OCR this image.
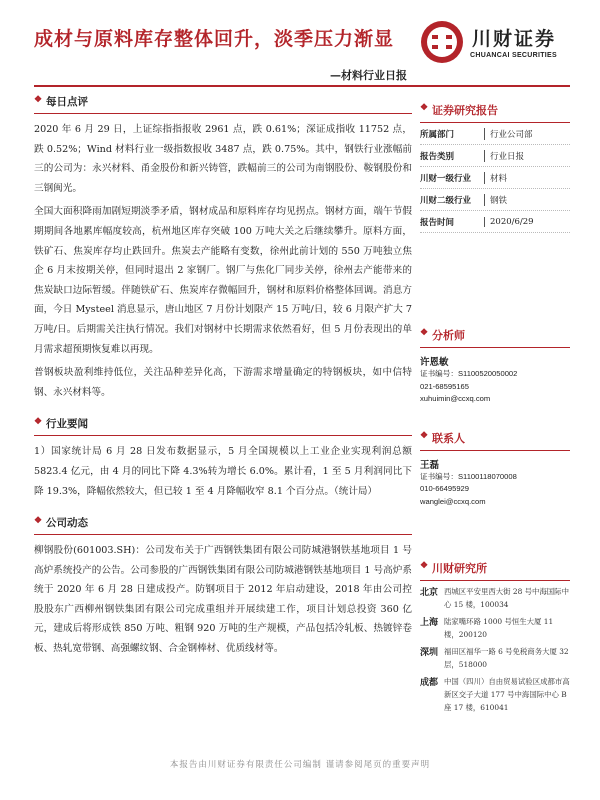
成材与原料库存整体回升，淡季压力渐显
—材料行业日报
川财证券
CHUANCAI SECURITIES
❖ 每日点评

2020 年 6 月 29 日，上证综指指报收 2961 点，跌 0.61%；深证成指收 11752 点，跌 0.52%；Wind 材料行业一级指数报收 3487 点，跌 0.75%。其中，钢铁行业涨幅前三的公司为：永兴材料、甬金股份和新兴铸管，跌幅前三的公司为南钢股份、鞍钢股份和三钢闽光。

全国大面积降雨加剧短期淡季矛盾，钢材成品和原料库存均见拐点。钢材方面，端午节假期期间各地累库幅度较高，杭州地区库存突破 100 万吨大关之后继续攀升。原料方面，铁矿石、焦炭库存均止跌回升。焦炭去产能略有变数，徐州此前计划的 550 万吨独立焦企 6 月末按期关停，但同时退出 2 家钢厂。钢厂与焦化厂同步关停，徐州去产能带来的焦炭缺口边际暂缓。伴随铁矿石、焦炭库存微幅回升，钢材和原料价格整体回调。消息方面，今日 Mysteel 消息显示，唐山地区 7 月份计划限产 15 万吨/日，较 6 月限产扩大 7 万吨/日。后期需关注执行情况。我们对钢材中长期需求依然看好，但 5 月份表现出的单月需求超预期恢复难以再现。

普钢板块盈利维持低位，关注品种差异化高，下游需求增量确定的特钢板块，如中信特钢、永兴材料等。

❖ 行业要闻

1）国家统计局 6 月 28 日发布数据显示，5 月全国规模以上工业企业实现利润总额 5823.4 亿元，由 4 月的同比下降 4.3%转为增长 6.0%。累计看，1 至 5 月利润同比下降 19.3%，降幅依然较大，但已较 1 至 4 月降幅收窄 8.1 个百分点。（统计局）

❖ 公司动态

柳钢股份(601003.SH)：公司发布关于广西钢铁集团有限公司防城港钢铁基地项目 1 号高炉系统投产的公告。公司参股的广西钢铁集团有限公司防城港钢铁基地项目 1 号高炉系统于 2020 年 6 月 28 日建成投产。防钢项目于 2012 年启动建设，2018 年由公司控股股东广西柳州钢铁集团有限公司完成重组并开展续建工作，项目计划总投资 360 亿元，建成后将形成铁 850 万吨、粗钢 920 万吨的生产规模，产品包括冷轧板、热镀锌卷板、热轧宽带钢、高强螺纹钢、合金钢棒材、优质线材等。

❖ 证券研究报告
所属部门	行业公司部
报告类别	行业日报
川财一级行业	材料
川财二级行业	钢铁
报告时间	2020/6/29
❖ 分析师
许恩敏
证书编号：S1100520050002
021-68595165
xuhuimin@ccxq.com
❖ 联系人
王磊
证书编号：S1100118070008
010-66495929
wanglei@ccxq.com
❖ 川财研究所
北京 西城区平安里西大街 28 号中海国际中心 15 楼，100034
上海 陆家嘴环路 1000 号恒生大厦 11 楼，200120
深圳 福田区福华一路 6 号免税商务大厦 32 层，518000
成都 中国（四川）自由贸易试验区成都市高新区交子大道 177 号中海国际中心 B 座 17 楼，610041
本报告由川财证券有限责任公司编制 谨请参阅尾页的重要声明
